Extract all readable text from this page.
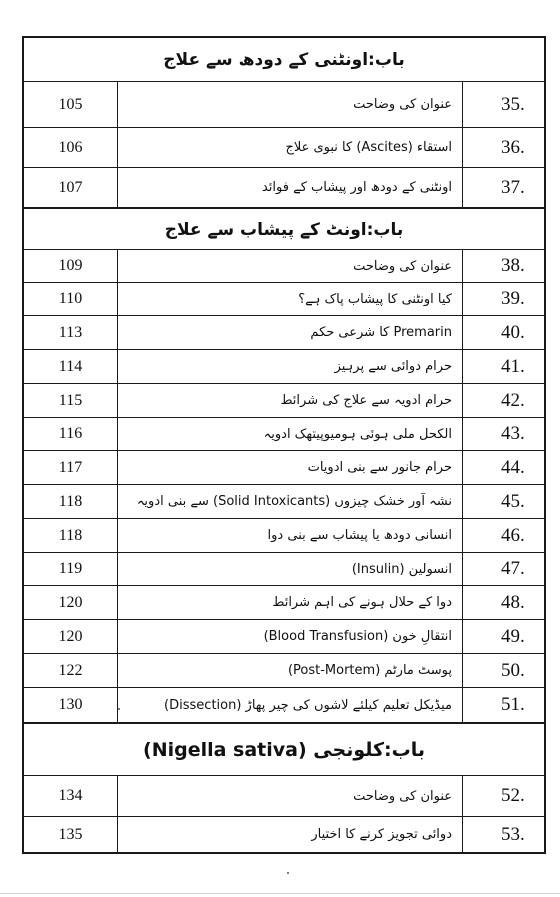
باب:اونٹنی کے دودھ سے علاج
105	عنوان کی وضاحت	35.
106	استقاء (Ascites) کا نبوی علاج	36.
107	اونٹنی کے دودھ اور پیشاب کے فوائد	37.
باب:اونٹ کے پیشاب سے علاج
109	عنوان کی وضاحت	38.
110	کیا اونٹنی کا پیشاب پاک ہے؟	39.
113	Premarin کا شرعی حکم	40.
114	حرام دوائی سے پرہیز	41.
115	حرام ادویہ سے علاج کی شرائط	42.
116	الکحل ملی ہوئی ہومیوپیتھک ادویہ	43.
117	حرام جانور سے بنی ادویات	44.
118	نشہ آور خشک چیزوں (Solid Intoxicants) سے بنی ادویہ	45.
118	انسانی دودھ یا پیشاب سے بنی دوا	46.
119	انسولین (Insulin)	47.
120	دوا کے حلال ہونے کی اہم شرائط	48.
120	انتقالِ خون (Blood Transfusion)	49.
122	پوسٹ مارٹم (Post-Mortem)	50.
130	میڈیکل تعلیم کیلئے لاشوں کی چیر پھاڑ (Dissection)	51.
باب:کلونجی (Nigella sativa)
134	عنوان کی وضاحت	52.
135	دوائی تجویز کرنے کا اختیار	53.
